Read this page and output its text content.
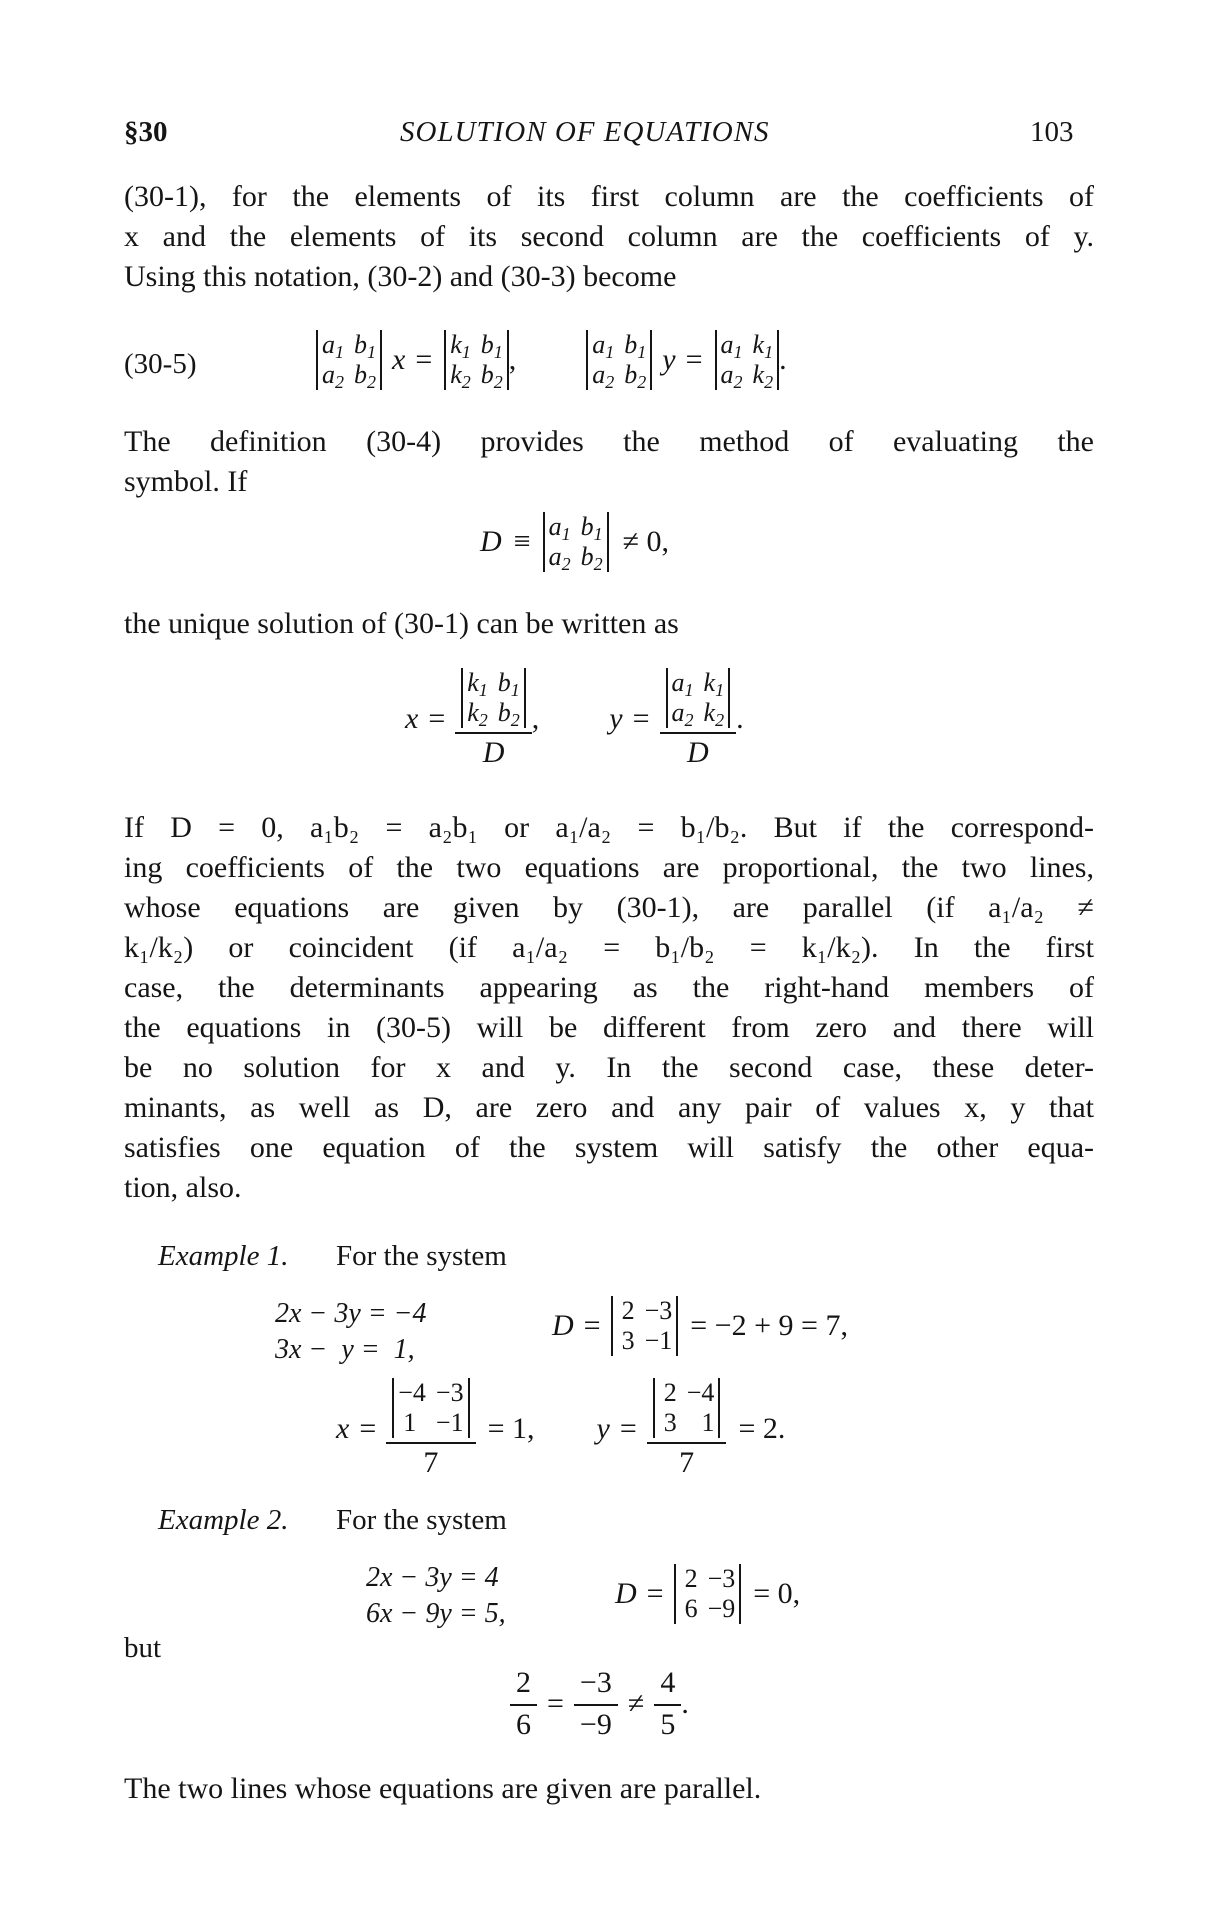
§30	SOLUTION OF EQUATIONS	103
(30-1), for the elements of its first column are the coefficients of
x and the elements of its second column are the coefficients of y.
Using this notation, (30-2) and (30-3) become
(30-5)
$a_1$ $b_1$
$a_2$ $b_2$
$x = k_1$ $b_1$
$k_2$ $b_2$
,	$a_1$ $b_1$
$a_2$ $b_2$
$y = a_1$ $k_1$
$a_2$ $k_2$
.
The definition (30-4) provides the method of evaluating the
symbol. If
$D \equiv a_1$ $b_1$
$a_2$ $b_2$
≠ 0,
the unique solution of (30-1) can be written as
$x = k_1$ $b_1$
$k_2$ $b_2$
D , $y = a_1$ $k_1$
$a_2$ $k_2$
D .
If D = 0, a₁b₂ = a₂b₁ or a₁/a₂ = b₁/b₂. But if the correspond-
ing coefficients of the two equations are proportional, the two lines,
whose equations are given by (30-1), are parallel (if a₁/a₂ ≠
k₁/k₂) or coincident (if a₁/a₂ = b₁/b₂ = k₁/k₂). In the first
case, the determinants appearing as the right-hand members of
the equations in (30-5) will be different from zero and there will
be no solution for x and y. In the second case, these deter-
minants, as well as D, are zero and any pair of values x, y that
satisfies one equation of the system will satisfy the other equa-
tion, also.
Example 1. For the system
2x − 3y = −4
3x −  y =  1,
D = 2 −3
3 −1 = −2 + 9 = 7,
x = −4 −3
1 −1
7 = 1, y = 2 −4
3 1
7 = 2.
Example 2. For the system
2x − 3y = 4
6x − 9y = 5,
D = 2 −3
6 −9 = 0,
but
$\frac{2}{6} = \frac{-3}{-9} \ne \frac{4}{5}$ .
The two lines whose equations are given are parallel.
